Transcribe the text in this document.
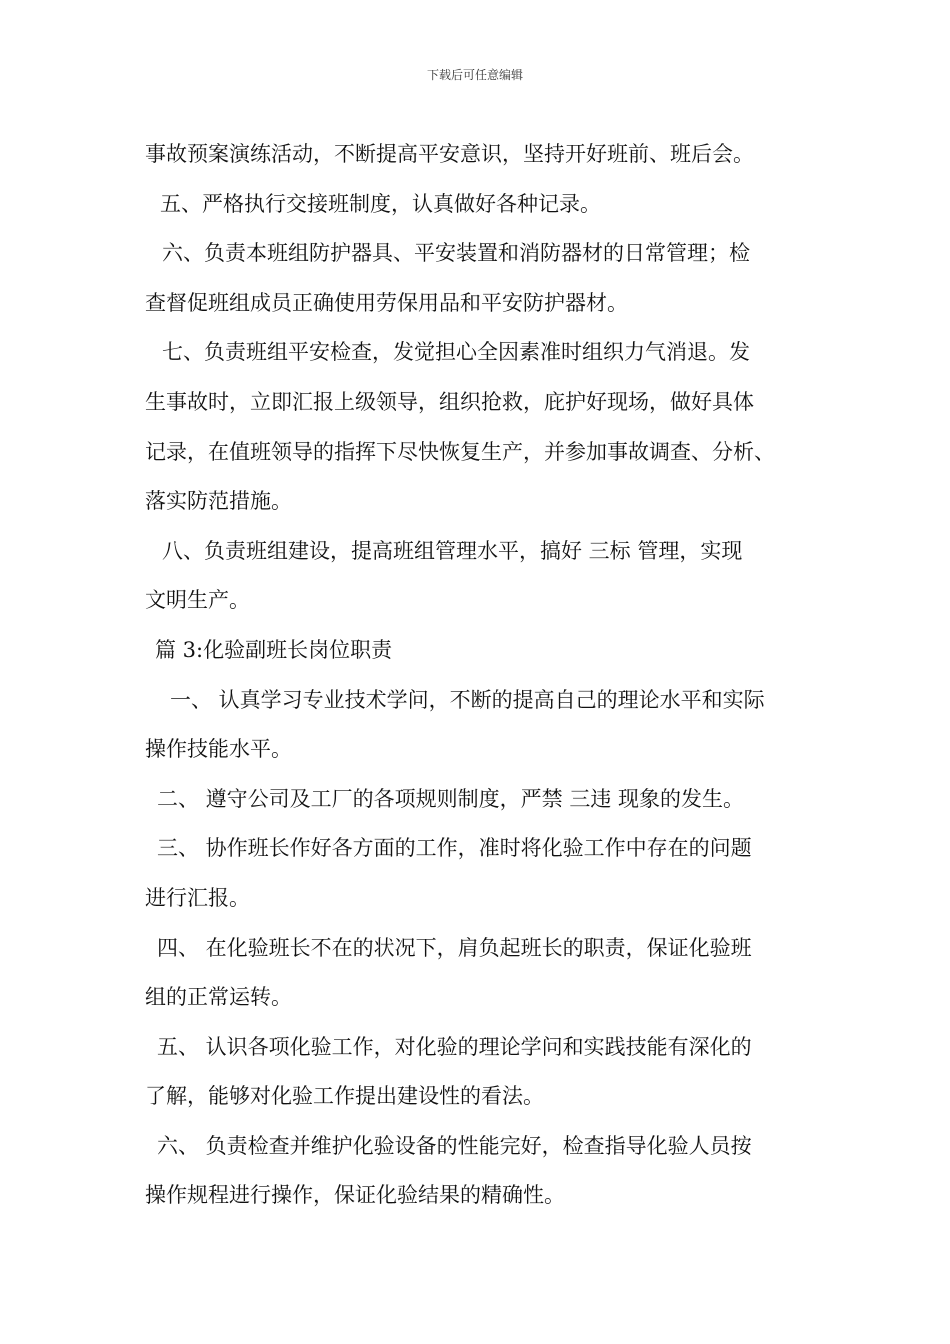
下载后可任意编辑
事故预案演练活动，不断提高平安意识，坚持开好班前、班后会。
五、严格执行交接班制度，认真做好各种记录。
六、负责本班组防护器具、平安装置和消防器材的日常管理；检
查督促班组成员正确使用劳保用品和平安防护器材。
七、负责班组平安检查，发觉担心全因素准时组织力气消退。发
生事故时，立即汇报上级领导，组织抢救，庇护好现场，做好具体
记录，在值班领导的指挥下尽快恢复生产，并参加事故调查、分析、
落实防范措施。
八、负责班组建设，提高班组管理水平，搞好 三标 管理，实现
文明生产。
篇 3:化验副班长岗位职责
一、 认真学习专业技术学问，不断的提高自己的理论水平和实际
操作技能水平。
二、 遵守公司及工厂的各项规则制度，严禁 三违 现象的发生。
三、 协作班长作好各方面的工作，准时将化验工作中存在的问题
进行汇报。
四、 在化验班长不在的状况下，肩负起班长的职责，保证化验班
组的正常运转。
五、 认识各项化验工作，对化验的理论学问和实践技能有深化的
了解，能够对化验工作提出建设性的看法。
六、 负责检查并维护化验设备的性能完好，检查指导化验人员按
操作规程进行操作，保证化验结果的精确性。
